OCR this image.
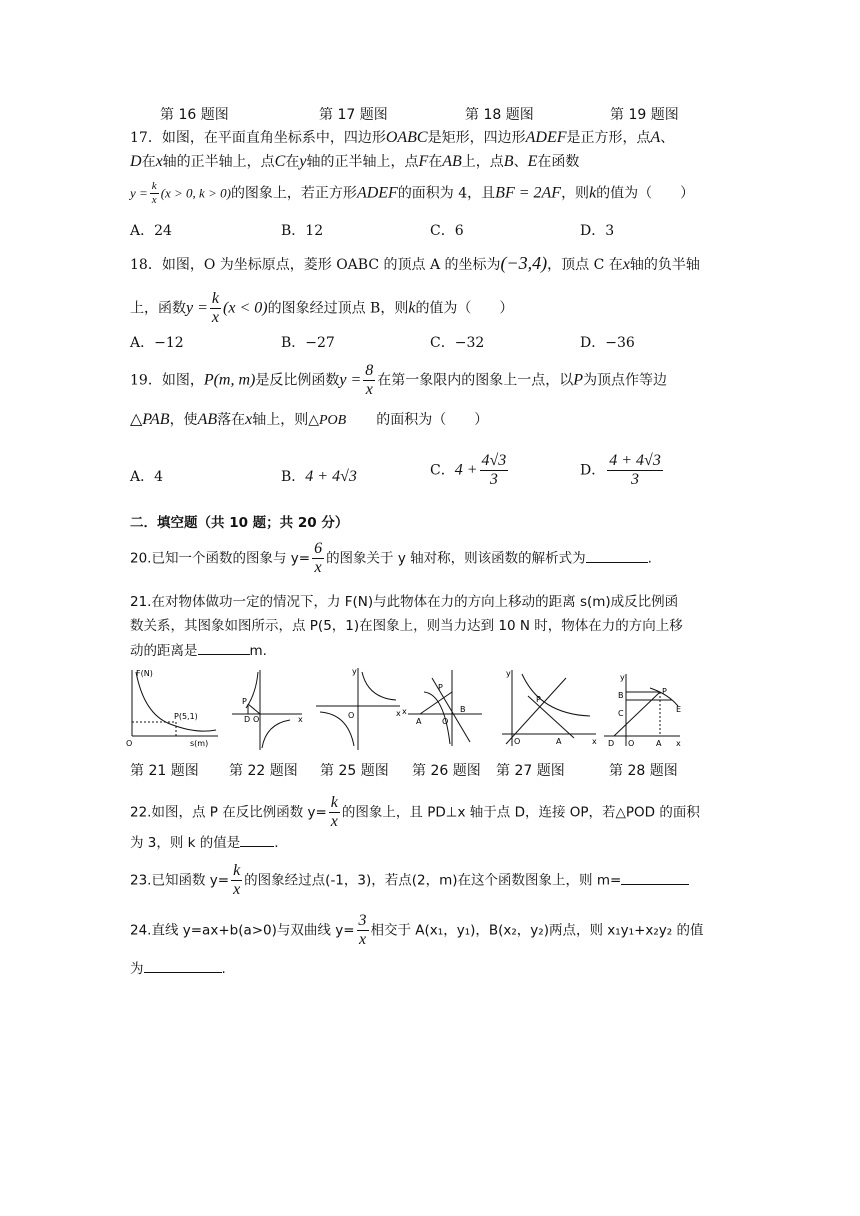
第 16 题图	第 17 题图	第 18 题图	第 19 题图
17．如图，在平面直角坐标系中，四边形OABC是矩形，四边形ADEF是正方形，点A、
D在x轴的正半轴上，点C在y轴的正半轴上，点F在AB上，点B、E在函数
$y = \frac{k}{x} (x > 0$, k > 0)的图象上，若正方形ADEF的面积为 4，且BF = 2AF，则k的值为（　　）
A．24	B．12	C．6	D．3
18．如图，O 为坐标原点，菱形 OABC 的顶点 A 的坐标为(−3,4)，顶点 C 在x轴的负半轴
上，函数$y = \frac{k}{x} (x < 0)$的图象经过顶点 B，则k的值为（　　）
A．−12	B．−27	C．−32	D．−36
19．如图，P(m, m)是反比例函数$y = \frac{8}{x}$ 在第一象限内的图象上一点，以P为顶点作等边
△PAB，使AB落在x轴上，则△POB 的面积为（　　）
A．4	B．4 + 4√3	C．$4 + \frac{4√3}{3}$	D． $\frac{4 + 4√3}{3}$
二．填空题（共 10 题；共 20 分）
20.已知一个函数的图象与 $y= \frac{6}{x}$ 的图象关于 y 轴对称，则该函数的解析式为	.
21.在对物体做功一定的情况下，力 F(N)与此物体在力的方向上移动的距离 s(m)成反比例函
数关系，其图象如图所示，点 P(5，1)在图象上，则当力达到 10 N 时，物体在力的方向上移
动的距离是	m.
F(N)
s(m)
O
P(5,1)
P
D O	x	O	x
y
A	O
B
P
x
y
P
O	A	x
y
B	P
C
D O	A x
E
第 21 题图 第 22 题图 第 25 题图 第 26 题图 第 27 题图	第 28 题图
22.如图，点 P 在反比例函数 $y= \frac{k}{x}$ 的图象上，且 PD⊥x 轴于点 D，连接 OP，若△POD 的面积
为 3，则 k 的值是	.
23.已知函数 $y= \frac{k}{x}$ 的图象经过点(-1，3)，若点(2，m)在这个函数图象上，则 m=
24.直线 y=ax+b(a>0)与双曲线 $y= \frac{3}{x}$ 相交于 A(x₁，y₁)，B(x₂，y₂)两点，则 x₁y₁+x₂y₂ 的值
为	.
